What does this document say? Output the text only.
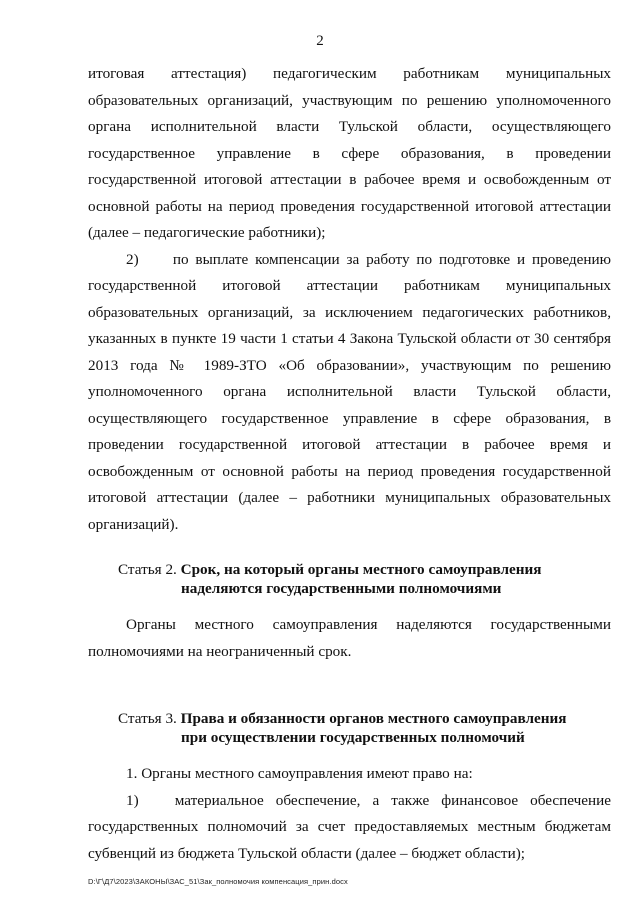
2

итоговая аттестация) педагогическим работникам муниципальных образовательных организаций, участвующим по решению уполномоченного органа исполнительной власти Тульской области, осуществляющего государственное управление в сфере образования, в проведении государственной итоговой аттестации в рабочее время и освобожденным от основной работы на период проведения государственной итоговой аттестации (далее – педагогические работники);

2)     по выплате компенсации за работу по подготовке и проведению государственной итоговой аттестации работникам муниципальных образовательных организаций, за исключением педагогических работников, указанных в пункте 19 части 1 статьи 4 Закона Тульской области от 30 сентября 2013 года № 1989-ЗТО «Об образовании», участвующим по решению уполномоченного органа исполнительной власти Тульской области, осуществляющего государственное управление в сфере образования, в проведении государственной итоговой аттестации в рабочее время и освобожденным от основной работы на период проведения государственной итоговой аттестации (далее – работники муниципальных образовательных организаций).

Статья 2. Срок, на который органы местного самоуправления
наделяются государственными полномочиями

Органы местного самоуправления наделяются государственными полномочиями на неограниченный срок.

Статья 3. Права и обязанности органов местного самоуправления
при осуществлении государственных полномочий

1. Органы местного самоуправления имеют право на:

1)   материальное обеспечение, а также финансовое обеспечение государственных полномочий за счет предоставляемых местным бюджетам субвенций из бюджета Тульской области (далее – бюджет области);

D:\Г\Д7\2023\ЗАКОНЫ\ЗАС_51\Зак_полномочия компенсация_прин.docx
